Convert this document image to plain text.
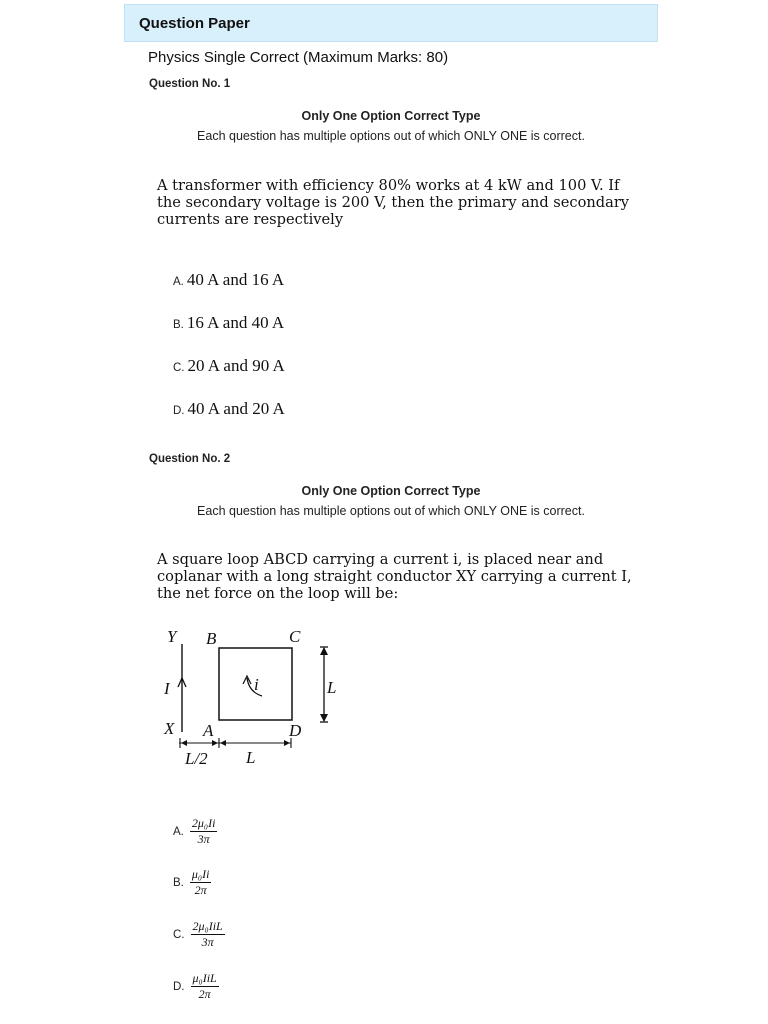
Question Paper
Physics Single Correct (Maximum Marks: 80)
Question No. 1
Only One Option Correct Type
Each question has multiple options out of which ONLY ONE is correct.
A transformer with efficiency 80% works at 4 kW and 100 V. If
the secondary voltage is 200 V, then the primary and secondary
currents are respectively
A. 40 A and 16 A
B. 16 A and 40 A
C. 20 A and 90 A
D. 40 A and 20 A
Question No. 2
Only One Option Correct Type
Each question has multiple options out of which ONLY ONE is correct.
A square loop ABCD carrying a current i, is placed near and
coplanar with a long straight conductor XY carrying a current I,
the net force on the loop will be:
Y B	C
I	i	L
X A	D
L/2 L
A. $\frac{\text{2μ₀Ii}}{3\pi}$
B. $\frac{\text{μ₀Ii}}{2\pi}$
C. $\frac{\text{2μ₀IiL}}{3\pi}$
D. $\frac{\text{μ₀IiL}}{2\pi}$
